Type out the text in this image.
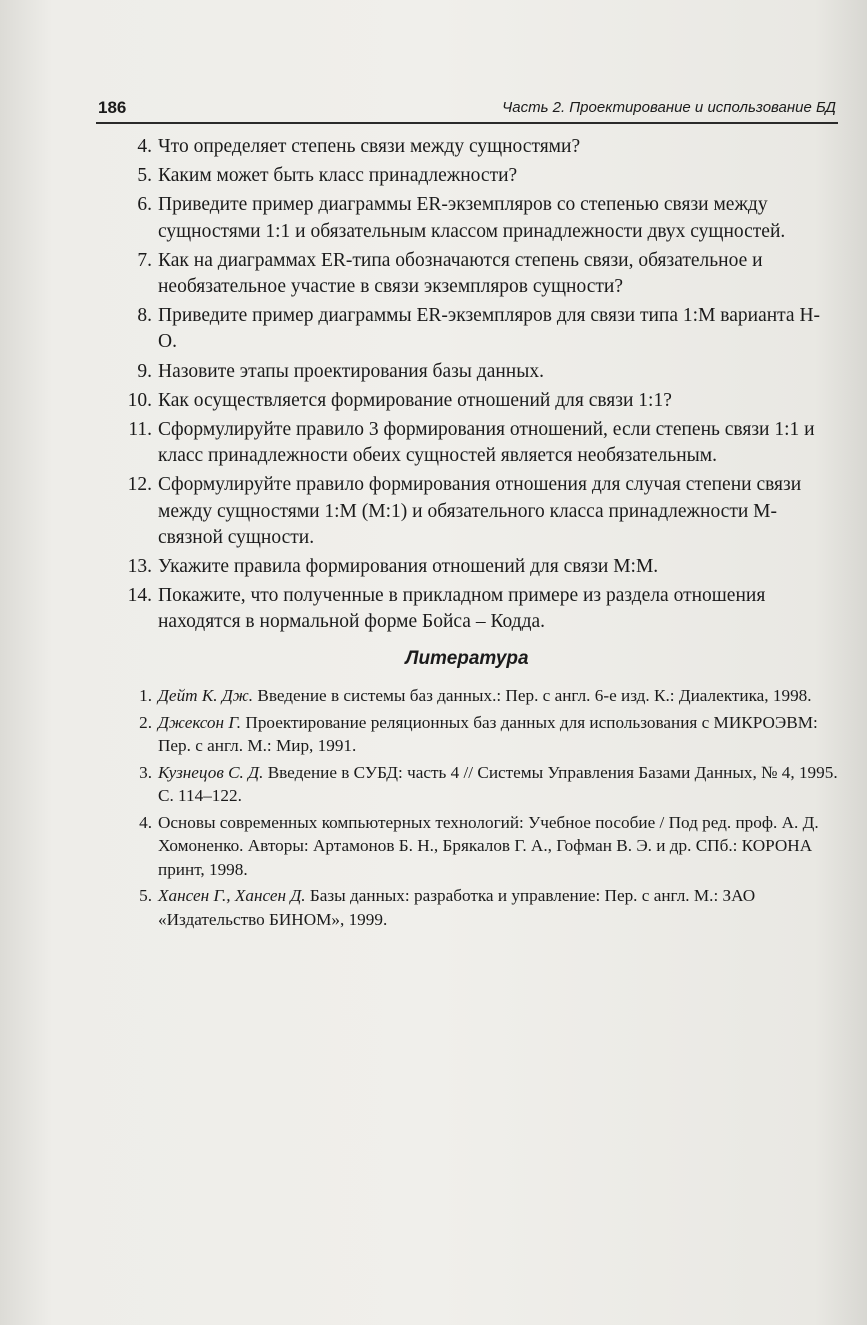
186	Часть 2. Проектирование и использование БД
4. Что определяет степень связи между сущностями?
5. Каким может быть класс принадлежности?
6. Приведите пример диаграммы ER-экземпляров со степенью связи между сущностями 1:1 и обязательным классом принадлежности двух сущностей.
7. Как на диаграммах ER-типа обозначаются степень связи, обязательное и необязательное участие в связи экземпляров сущности?
8. Приведите пример диаграммы ER-экземпляров для связи типа 1:М варианта Н-О.
9. Назовите этапы проектирования базы данных.
10. Как осуществляется формирование отношений для связи 1:1?
11. Сформулируйте правило 3 формирования отношений, если степень связи 1:1 и класс принадлежности обеих сущностей является необязательным.
12. Сформулируйте правило формирования отношения для случая степени связи между сущностями 1:М (М:1) и обязательного класса принадлежности М-связной сущности.
13. Укажите правила формирования отношений для связи М:М.
14. Покажите, что полученные в прикладном примере из раздела отношения находятся в нормальной форме Бойса – Кодда.
Литература
1. Дейт К. Дж. Введение в системы баз данных.: Пер. с англ. 6-е изд. К.: Диалектика, 1998.
2. Джексон Г. Проектирование реляционных баз данных для использования с МИКРОЭВМ: Пер. с англ. М.: Мир, 1991.
3. Кузнецов С. Д. Введение в СУБД: часть 4 // Системы Управления Базами Данных, № 4, 1995. С. 114–122.
4. Основы современных компьютерных технологий: Учебное пособие / Под ред. проф. А. Д. Хомоненко. Авторы: Артамонов Б. Н., Брякалов Г. А., Гофман В. Э. и др. СПб.: КОРОНА принт, 1998.
5. Хансен Г., Хансен Д. Базы данных: разработка и управление: Пер. с англ. М.: ЗАО «Издательство БИНОМ», 1999.
